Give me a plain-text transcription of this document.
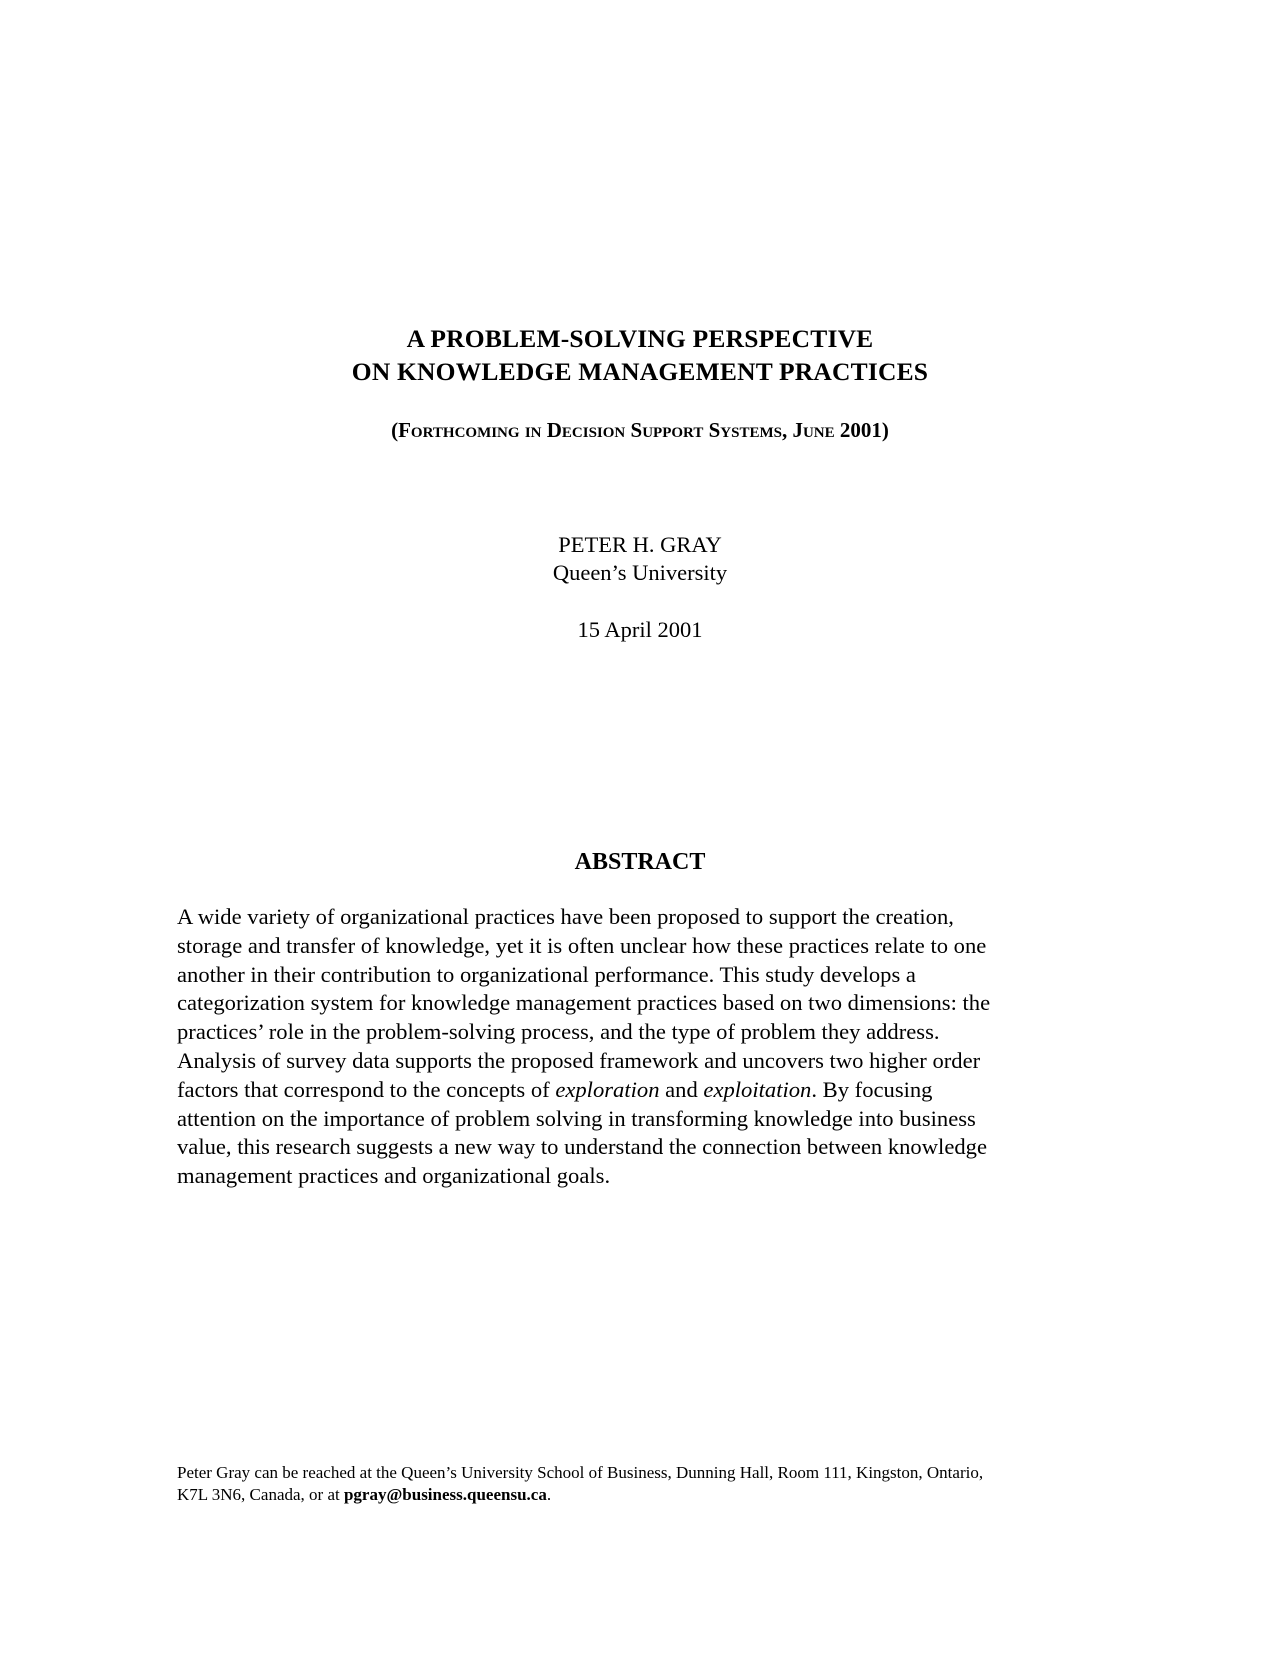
A PROBLEM-SOLVING PERSPECTIVE
ON KNOWLEDGE MANAGEMENT PRACTICES
(Forthcoming in Decision Support Systems, June 2001)
PETER H. GRAY
Queen’s University
15 April 2001
ABSTRACT
A wide variety of organizational practices have been proposed to support the creation,
storage and transfer of knowledge, yet it is often unclear how these practices relate to one
another in their contribution to organizational performance. This study develops a
categorization system for knowledge management practices based on two dimensions: the
practices’ role in the problem-solving process, and the type of problem they address.
Analysis of survey data supports the proposed framework and uncovers two higher order
factors that correspond to the concepts of exploration and exploitation. By focusing
attention on the importance of problem solving in transforming knowledge into business
value, this research suggests a new way to understand the connection between knowledge
management practices and organizational goals.
Peter Gray can be reached at the Queen’s University School of Business, Dunning Hall, Room 111, Kingston, Ontario,
K7L 3N6, Canada, or at pgray@business.queensu.ca.
